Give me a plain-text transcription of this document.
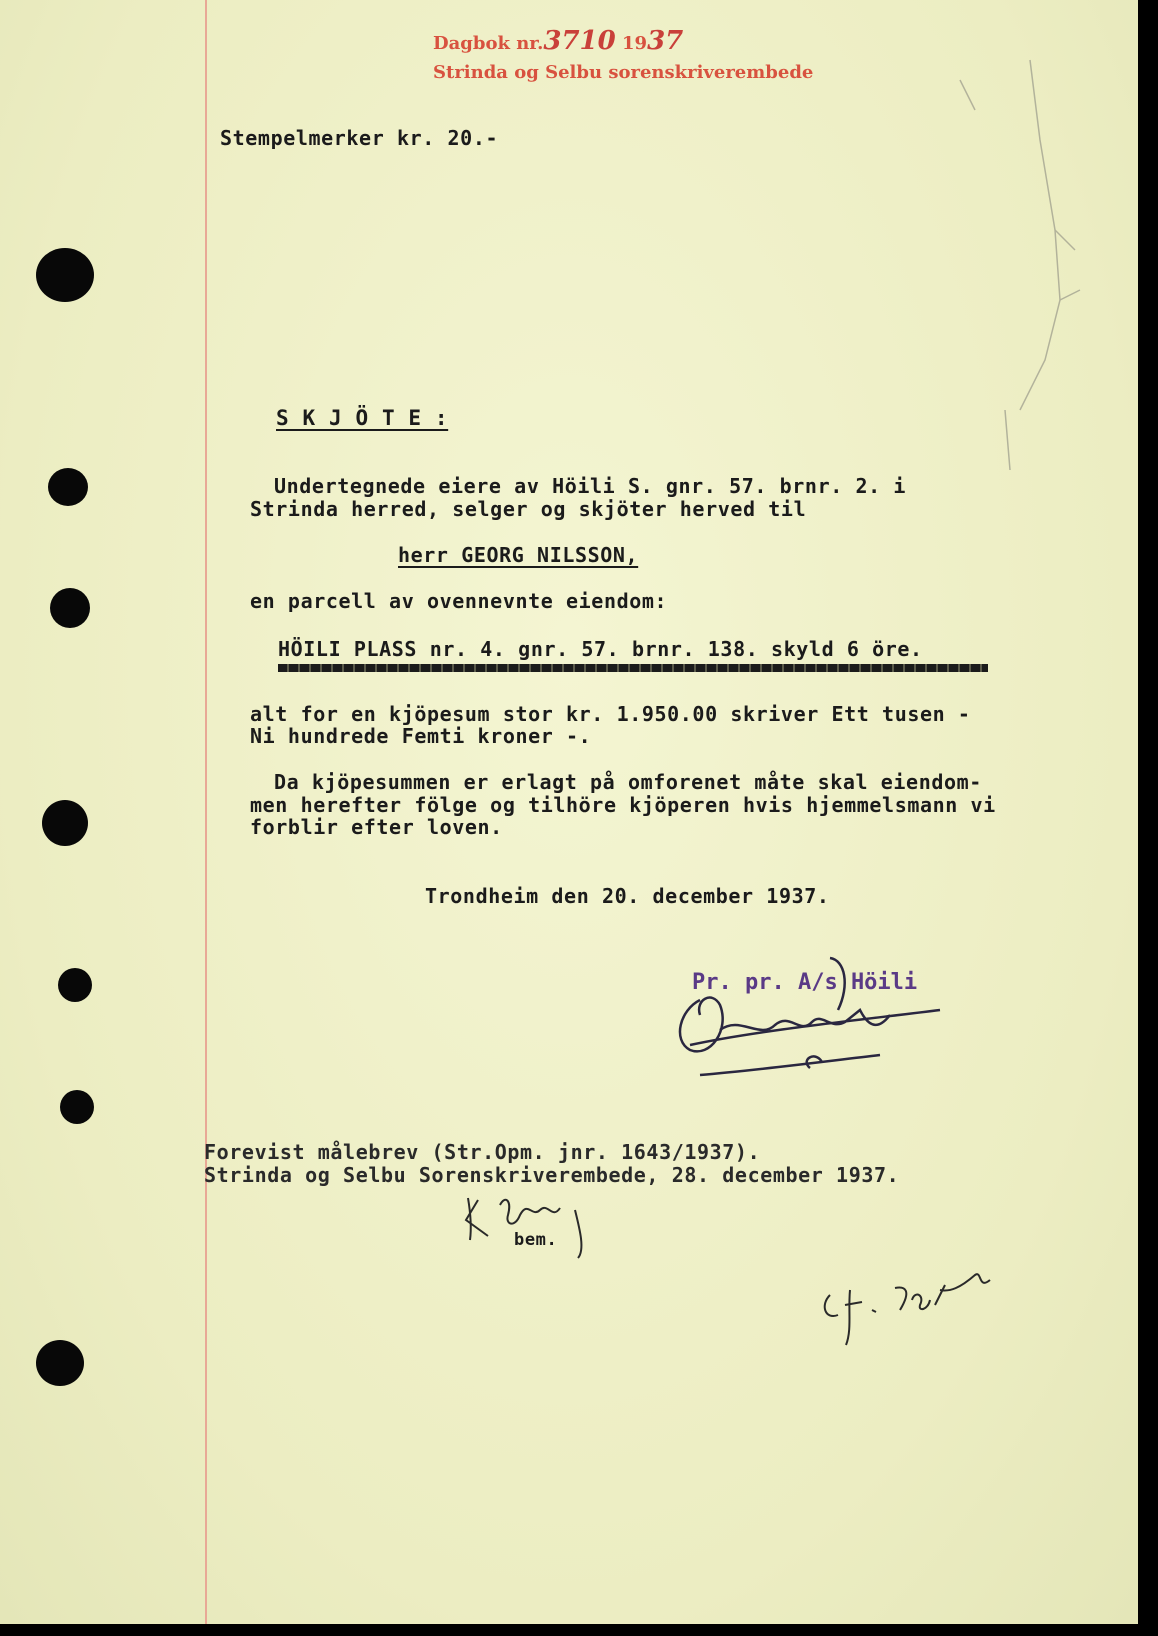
Dagbok nr.3710 1937
Strinda og Selbu sorenskriverembede
Stempelmerker kr. 20.-
S K J Ö T E :
Undertegnede eiere av Höili S. gnr. 57. brnr. 2. i
Strinda herred, selger og skjöter herved til
herr GEORG NILSSON,
en parcell av ovennevnte eiendom:
HÖILI PLASS nr. 4. gnr. 57. brnr. 138. skyld 6 öre.
alt for en kjöpesum stor kr. 1.950.00 skriver Ett tusen -
Ni hundrede Femti kroner -.
Da kjöpesummen er erlagt på omforenet måte skal eiendom-
men herefter fölge og tilhöre kjöperen hvis hjemmelsmann vi
forblir efter loven.
Trondheim den 20. december 1937.
Pr. pr. A/s Höili
Forevist målebrev (Str.Opm. jnr. 1643/1937).
Strinda og Selbu Sorenskriverembede, 28. december 1937.
bem.
